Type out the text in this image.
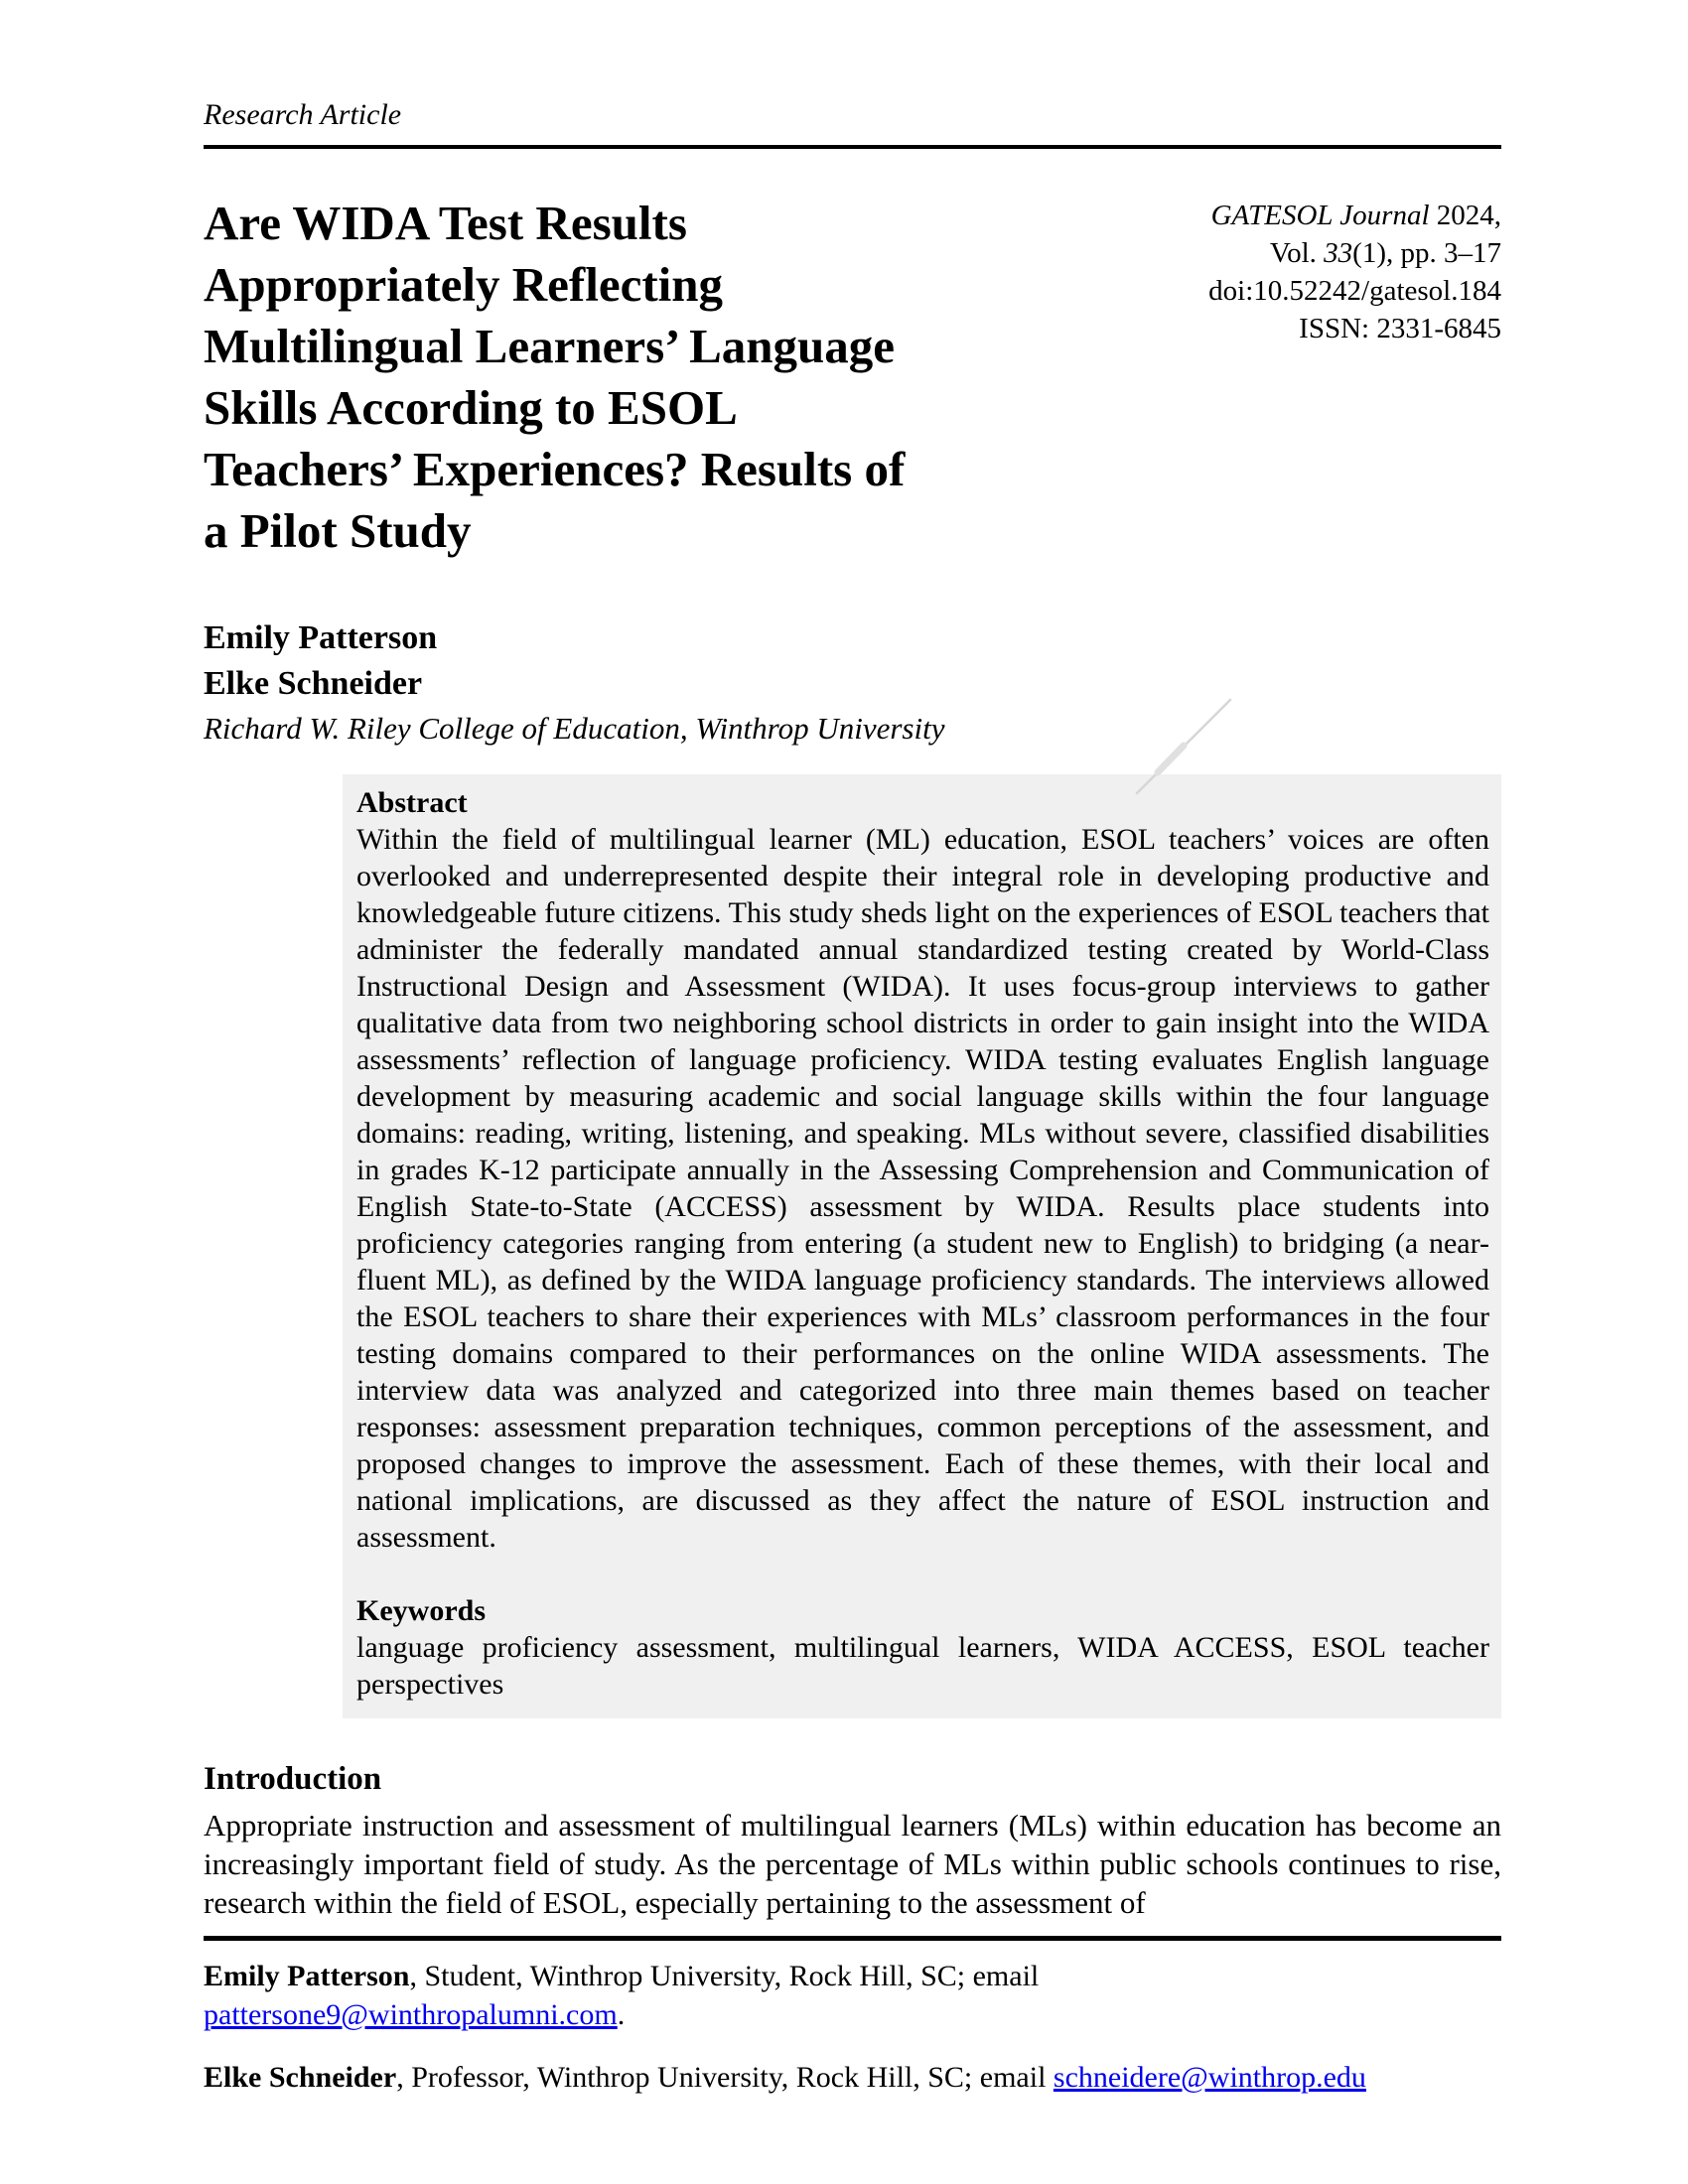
Research Article
Are WIDA Test Results
Appropriately Reflecting
Multilingual Learners’ Language
Skills According to ESOL
Teachers’ Experiences? Results of
a Pilot Study
GATESOL Journal 2024,
Vol. 33(1), pp. 3–17
doi:10.52242/gatesol.184
ISSN: 2331-6845
Emily Patterson
Elke Schneider
Richard W. Riley College of Education, Winthrop University
Abstract

Within the field of multilingual learner (ML) education, ESOL teachers’ voices are often overlooked and underrepresented despite their integral role in developing productive and knowledgeable future citizens. This study sheds light on the experiences of ESOL teachers that administer the federally mandated annual standardized testing created by World-Class Instructional Design and Assessment (WIDA). It uses focus-group interviews to gather qualitative data from two neighboring school districts in order to gain insight into the WIDA assessments’ reflection of language proficiency. WIDA testing evaluates English language development by measuring academic and social language skills within the four language domains: reading, writing, listening, and speaking. MLs without severe, classified disabilities in grades K-12 participate annually in the Assessing Comprehension and Communication of English State-to-State (ACCESS) assessment by WIDA. Results place students into proficiency categories ranging from entering (a student new to English) to bridging (a near-fluent ML), as defined by the WIDA language proficiency standards. The interviews allowed the ESOL teachers to share their experiences with MLs’ classroom performances in the four testing domains compared to their performances on the online WIDA assessments. The interview data was analyzed and categorized into three main themes based on teacher responses: assessment preparation techniques, common perceptions of the assessment, and proposed changes to improve the assessment. Each of these themes, with their local and national implications, are discussed as they affect the nature of ESOL instruction and assessment.

Keywords

language proficiency assessment, multilingual learners, WIDA ACCESS, ESOL teacher perspectives

Introduction

Appropriate instruction and assessment of multilingual learners (MLs) within education has become an increasingly important field of study. As the percentage of MLs within public schools continues to rise, research within the field of ESOL, especially pertaining to the assessment of

Emily Patterson, Student, Winthrop University, Rock Hill, SC; email
pattersone9@winthropalumni.com.
Elke Schneider, Professor, Winthrop University, Rock Hill, SC; email schneidere@winthrop.edu
